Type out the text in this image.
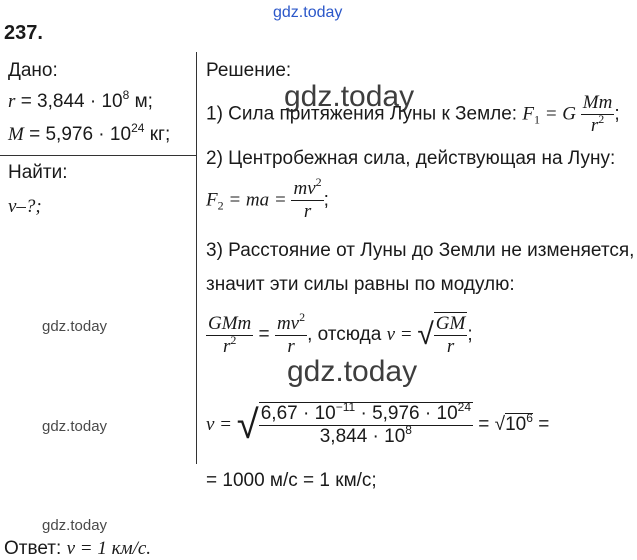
gdz.today
237.
Дано:
$r = 3,844 \cdot 10^8$ м;
$M = 5,976 \cdot 10^{24}$ кг;
Найти:
v–?;
Решение:
1) Сила притяжения Луны к Земле: $F_1 = G \frac{Mm}{r^2}$ ;
2) Центробежная сила, действующая на Луну:
$F_2$ = ma = $\frac{mv^2}{r}$ ;
3) Расстояние от Луны до Земли не изменяется,
значит эти силы равны по модулю:
$\frac{\text{GMm}}{r^2} = \frac{mv^2}{r}$ , отсюда v = √ $\frac{GM}{r}$ ;
v = √ $\frac{6,67 \cdot 10^{-11} \cdot 5,976 \cdot 10^{24}}{3,844 \cdot 10^8} = √10^6$ =
= 1000 м/с = 1 км/с;
Ответ: v = 1 км/с.
gdz.today
gdz.today
gdz.today
gdz.today
gdz.today
